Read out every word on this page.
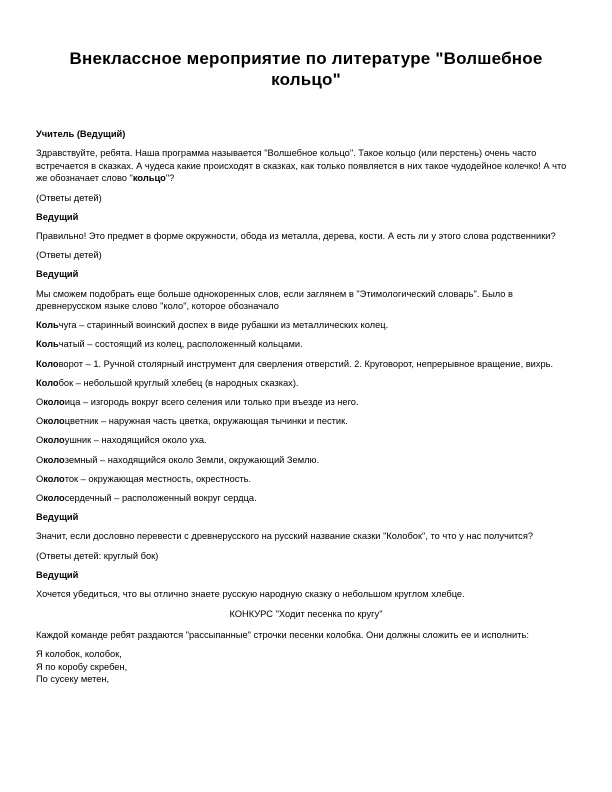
Внеклассное мероприятие по литературе "Волшебное кольцо"

Учитель (Ведущий)

Здравствуйте, ребята. Наша программа называется "Волшебное кольцо". Такое кольцо (или перстень) очень часто встречается в сказках. А чудеса какие происходят в сказках, как только появляется в них такое чудодейное колечко! А что же обозначает слово "кольцо"?

(Ответы детей)

Ведущий

Правильно! Это предмет в форме окружности, обода из металла, дерева, кости. А есть ли у этого слова родственники?

(Ответы детей)

Ведущий

Мы сможем подобрать еще больше однокоренных слов, если заглянем в "Этимологический словарь". Было в древнерусском языке слово "коло", которое обозначало

Кольчуга – старинный воинский доспех в виде рубашки из металлических колец.

Кольчатый – состоящий из колец, расположенный кольцами.

Коловорот – 1. Ручной столярный инструмент для сверления отверстий. 2. Круговорот, непрерывное вращение, вихрь.

Колобок – небольшой круглый хлебец (в народных сказках).

Околоица – изгородь вокруг всего селения или только при въезде из него.

Околоцветник – наружная часть цветка, окружающая тычинки и пестик.

Околоушник – находящийся около уха.

Околоземный – находящийся около Земли, окружающий Землю.

Околоток – окружающая местность, окрестность.

Околосердечный – расположенный вокруг сердца.

Ведущий

Значит, если дословно перевести с древнерусского на русский название сказки "Колобок", то что у нас получится?

(Ответы детей: круглый бок)

Ведущий

Хочется убедиться, что вы отлично знаете русскую народную сказку о небольшом круглом хлебце.

КОНКУРС "Ходит песенка по кругу"

Каждой команде ребят раздаются "рассыпанные" строчки песенки колобка. Они должны сложить ее и исполнить:

Я колобок, колобок,

Я по коробу скребен,

По сусеку метен,
